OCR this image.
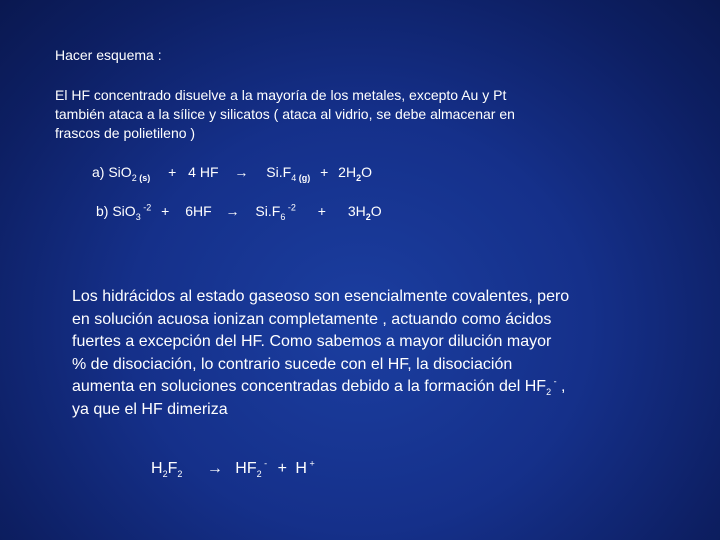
Hacer esquema :
El HF concentrado disuelve a la mayoría de los metales, excepto Au y Pt
también ataca a la sílice y silicatos ( ataca al vidrio, se debe almacenar en
frascos de polietileno )
a) SiO$_2$ $_{(s)}$ + 4 HF → $Si.F_4$ $_{(g)} + 2H_2O$
b) SiO$_3$ $^{-2} + 6HF \to Si.F_6$ $^{-2} + 3H_2O$
Los hidrácidos al estado gaseoso son esencialmente covalentes, pero
en solución acuosa ionizan completamente , actuando como ácidos
fuertes a excepción del HF. Como sabemos a mayor dilución mayor
% de disociación, lo contrario sucede con el HF, la disociación
aumenta en soluciones concentradas debido a la formación del $HF_2$ - ,
ya que el HF dimeriza
$H_2F_2 \to HF_2$ - + H +
